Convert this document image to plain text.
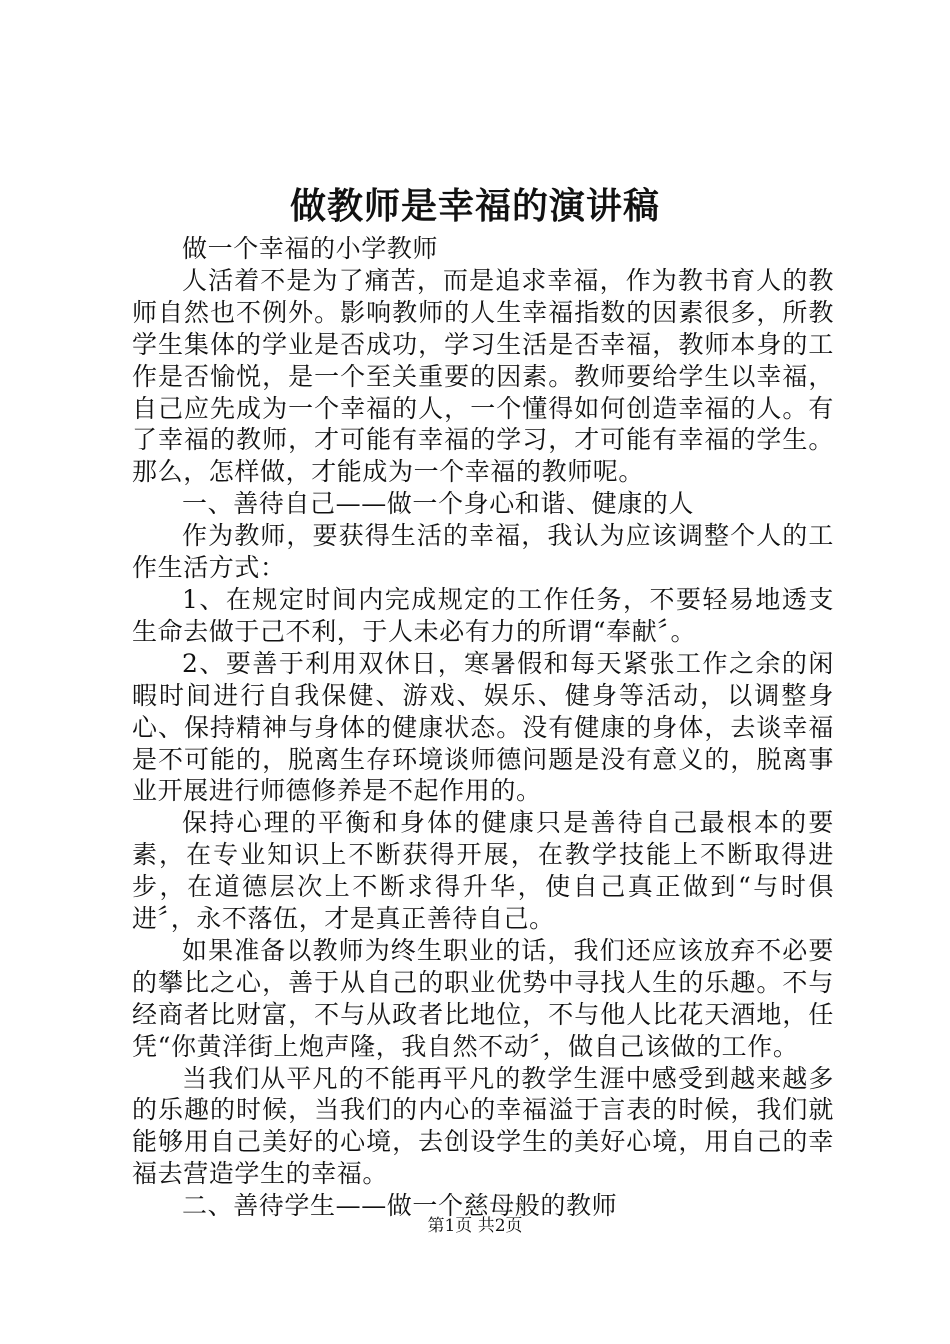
做教师是幸福的演讲稿

做一个幸福的小学教师

人活着不是为了痛苦，而是追求幸福，作为教书育人的教师自然也不例外。影响教师的人生幸福指数的因素很多，所教学生集体的学业是否成功，学习生活是否幸福，教师本身的工作是否愉悦，是一个至关重要的因素。教师要给学生以幸福，自己应先成为一个幸福的人，一个懂得如何创造幸福的人。有了幸福的教师，才可能有幸福的学习，才可能有幸福的学生。那么，怎样做，才能成为一个幸福的教师呢。

一、善待自己——做一个身心和谐、健康的人

作为教师，要获得生活的幸福，我认为应该调整个人的工作生活方式：

1、在规定时间内完成规定的工作任务，不要轻易地透支生命去做于己不利，于人未必有力的所谓“奉献〞。

2、要善于利用双休日，寒暑假和每天紧张工作之余的闲暇时间进行自我保健、游戏、娱乐、健身等活动，以调整身心、保持精神与身体的健康状态。没有健康的身体，去谈幸福是不可能的，脱离生存环境谈师德问题是没有意义的，脱离事业开展进行师德修养是不起作用的。

保持心理的平衡和身体的健康只是善待自己最根本的要素，在专业知识上不断获得开展，在教学技能上不断取得进步，在道德层次上不断求得升华，使自己真正做到“与时俱进〞，永不落伍，才是真正善待自己。

如果准备以教师为终生职业的话，我们还应该放弃不必要的攀比之心，善于从自己的职业优势中寻找人生的乐趣。不与经商者比财富，不与从政者比地位，不与他人比花天酒地，任凭“你黄洋街上炮声隆，我自然不动〞，做自己该做的工作。

当我们从平凡的不能再平凡的教学生涯中感受到越来越多的乐趣的时候，当我们的内心的幸福溢于言表的时候，我们就能够用自己美好的心境，去创设学生的美好心境，用自己的幸福去营造学生的幸福。

二、善待学生——做一个慈母般的教师

第1页 共2页
